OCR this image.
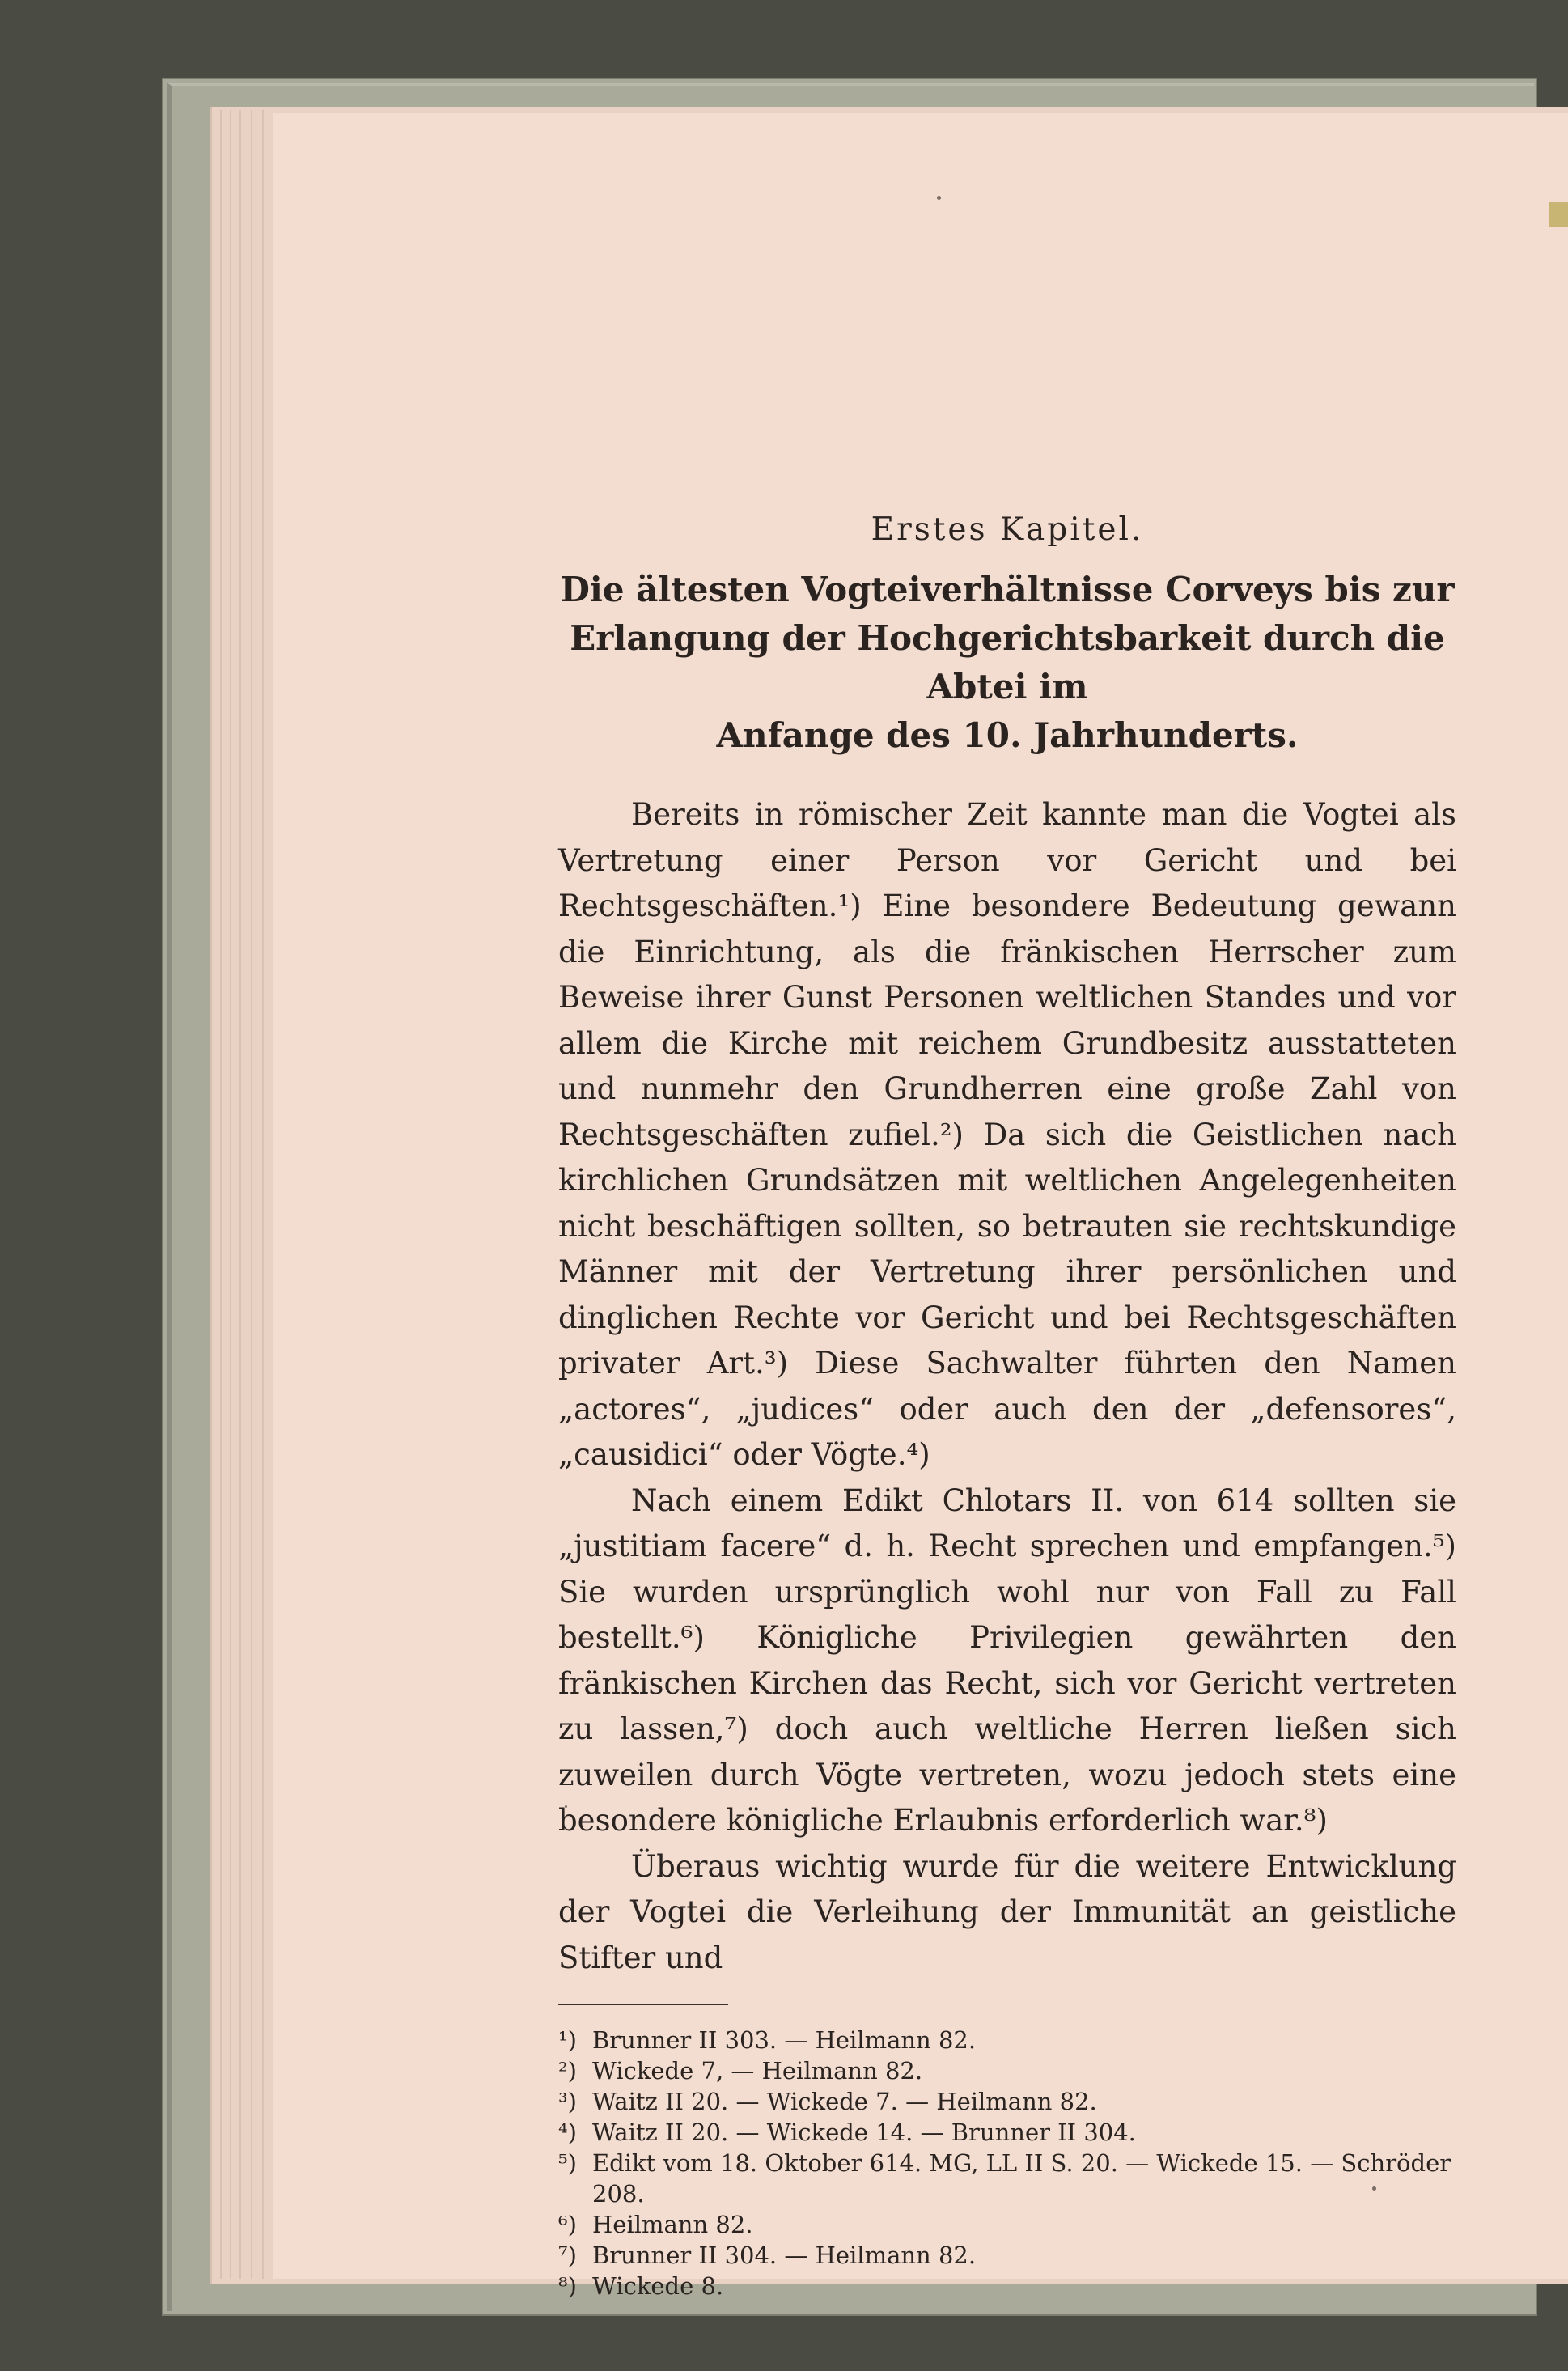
Erstes Kapitel.
Die ältesten Vogteiverhältnisse Corveys bis zur
Erlangung der Hochgerichtsbarkeit durch die Abtei im
Anfange des 10. Jahrhunderts.

Bereits in römischer Zeit kannte man die Vogtei als Vertretung einer Person vor Gericht und bei Rechtsgeschäften.¹) Eine besondere Bedeutung gewann die Einrichtung, als die fränkischen Herrscher zum Beweise ihrer Gunst Personen weltlichen Standes und vor allem die Kirche mit reichem Grundbesitz ausstatteten und nunmehr den Grundherren eine große Zahl von Rechtsgeschäften zufiel.²) Da sich die Geistlichen nach kirchlichen Grundsätzen mit weltlichen Angelegenheiten nicht beschäftigen sollten, so betrauten sie rechtskundige Männer mit der Vertretung ihrer persönlichen und dinglichen Rechte vor Gericht und bei Rechtsgeschäften privater Art.³) Diese Sachwalter führten den Namen „actores“, „judices“ oder auch den der „defensores“, „causidici“ oder Vögte.⁴)

Nach einem Edikt Chlotars II. von 614 sollten sie „justitiam facere“ d. h. Recht sprechen und empfangen.⁵) Sie wurden ursprünglich wohl nur von Fall zu Fall bestellt.⁶) Königliche Privilegien gewährten den fränkischen Kirchen das Recht, sich vor Gericht vertreten zu lassen,⁷) doch auch weltliche Herren ließen sich zuweilen durch Vögte vertreten, wozu jedoch stets eine besondere königliche Erlaubnis erforderlich war.⁸)

Überaus wichtig wurde für die weitere Entwicklung der Vogtei die Verleihung der Immunität an geistliche Stifter und

¹) Brunner II 303. — Heilmann 82.
²) Wickede 7, — Heilmann 82.
³) Waitz II 20. — Wickede 7. — Heilmann 82.
⁴) Waitz II 20. — Wickede 14. — Brunner II 304.
⁵) Edikt vom 18. Oktober 614. MG, LL II S. 20. — Wickede 15. — Schröder 208.
⁶) Heilmann 82.
⁷) Brunner II 304. — Heilmann 82.
⁸) Wickede 8.
